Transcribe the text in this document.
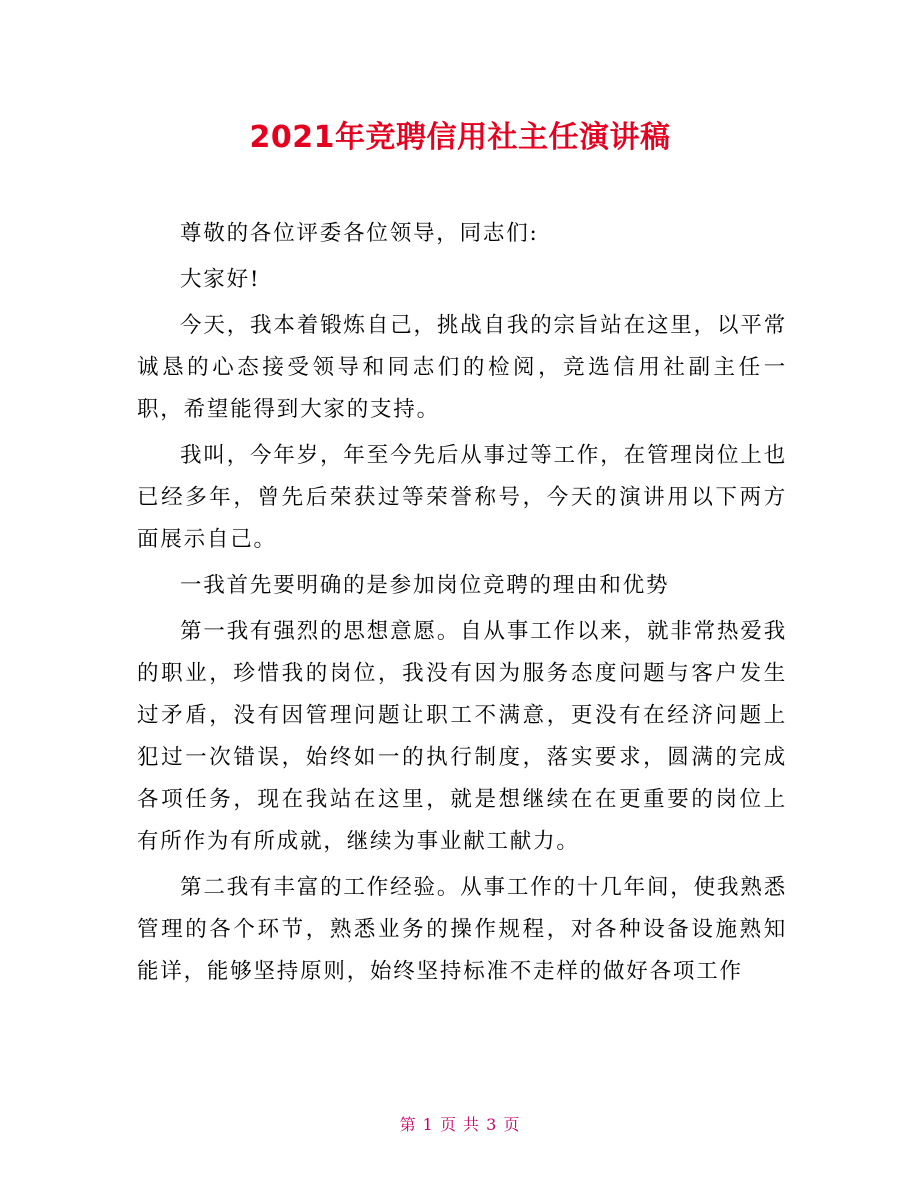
2021年竞聘信用社主任演讲稿

尊敬的各位评委各位领导，同志们:

大家好!

今天，我本着锻炼自己，挑战自我的宗旨站在这里，以平常诚恳的心态接受领导和同志们的检阅，竞选信用社副主任一职，希望能得到大家的支持。

我叫，今年岁，年至今先后从事过等工作，在管理岗位上也已经多年，曾先后荣获过等荣誉称号，今天的演讲用以下两方面展示自己。

一我首先要明确的是参加岗位竞聘的理由和优势

第一我有强烈的思想意愿。自从事工作以来，就非常热爱我的职业，珍惜我的岗位，我没有因为服务态度问题与客户发生过矛盾，没有因管理问题让职工不满意，更没有在经济问题上犯过一次错误，始终如一的执行制度，落实要求，圆满的完成各项任务，现在我站在这里，就是想继续在在更重要的岗位上有所作为有所成就，继续为事业献工献力。

第二我有丰富的工作经验。从事工作的十几年间，使我熟悉管理的各个环节，熟悉业务的操作规程，对各种设备设施熟知能详，能够坚持原则，始终坚持标准不走样的做好各项工作

第 1 页 共 3 页
